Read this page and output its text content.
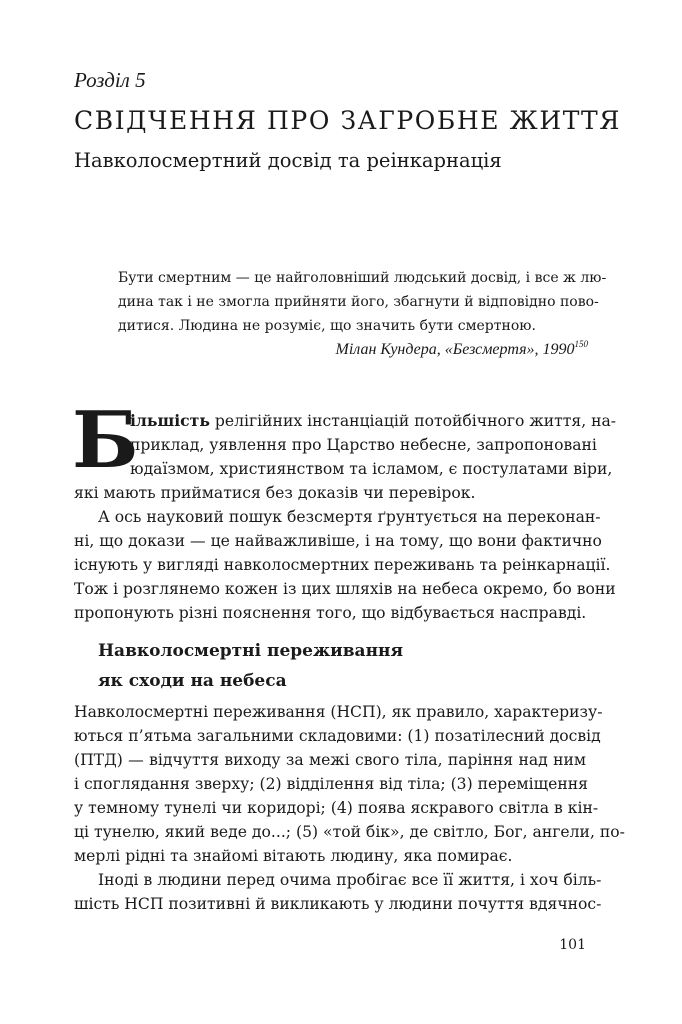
Розділ 5
СВІДЧЕННЯ ПРО ЗАГРОБНЕ ЖИТТЯ
Навколосмертний досвід та реінкарнація
Бути смертним — це найголовніший людський досвід, і все ж лю-
дина так і не змогла прийняти його, збагнути й відповідно пово-
дитися. Людина не розуміє, що значить бути смертною.
Мілан Кундера, «Безсмертя», 1990$^{150}$
Б
ільшість релігійних інстанціацій потойбічного життя, на-
приклад, уявлення про Царство небесне, запропоновані
юдаїзмом, християнством та ісламом, є постулатами віри,
які мають прийматися без доказів чи перевірок.
А ось науковий пошук безсмертя ґрунтується на переконан-
ні, що докази — це найважливіше, і на тому, що вони фактично
існують у вигляді навколосмертних переживань та реінкарнації.
Тож і розглянемо кожен із цих шляхів на небеса окремо, бо вони
пропонують різні пояснення того, що відбувається насправді.
Навколосмертні переживання
як сходи на небеса
Навколосмертні переживання (НСП), як правило, характеризу-
ються п’ятьма загальними складовими: (1) позатілесний досвід
(ПТД) — відчуття виходу за межі свого тіла, паріння над ним
і споглядання зверху; (2) відділення від тіла; (3) переміщення
у темному тунелі чи коридорі; (4) поява яскравого світла в кін-
ці тунелю, який веде до...; (5) «той бік», де світло, Бог, ангели, по-
мерлі рідні та знайомі вітають людину, яка помирає.
Іноді в людини перед очима пробігає все її життя, і хоч біль-
шість НСП позитивні й викликають у людини почуття вдячнос-
101
